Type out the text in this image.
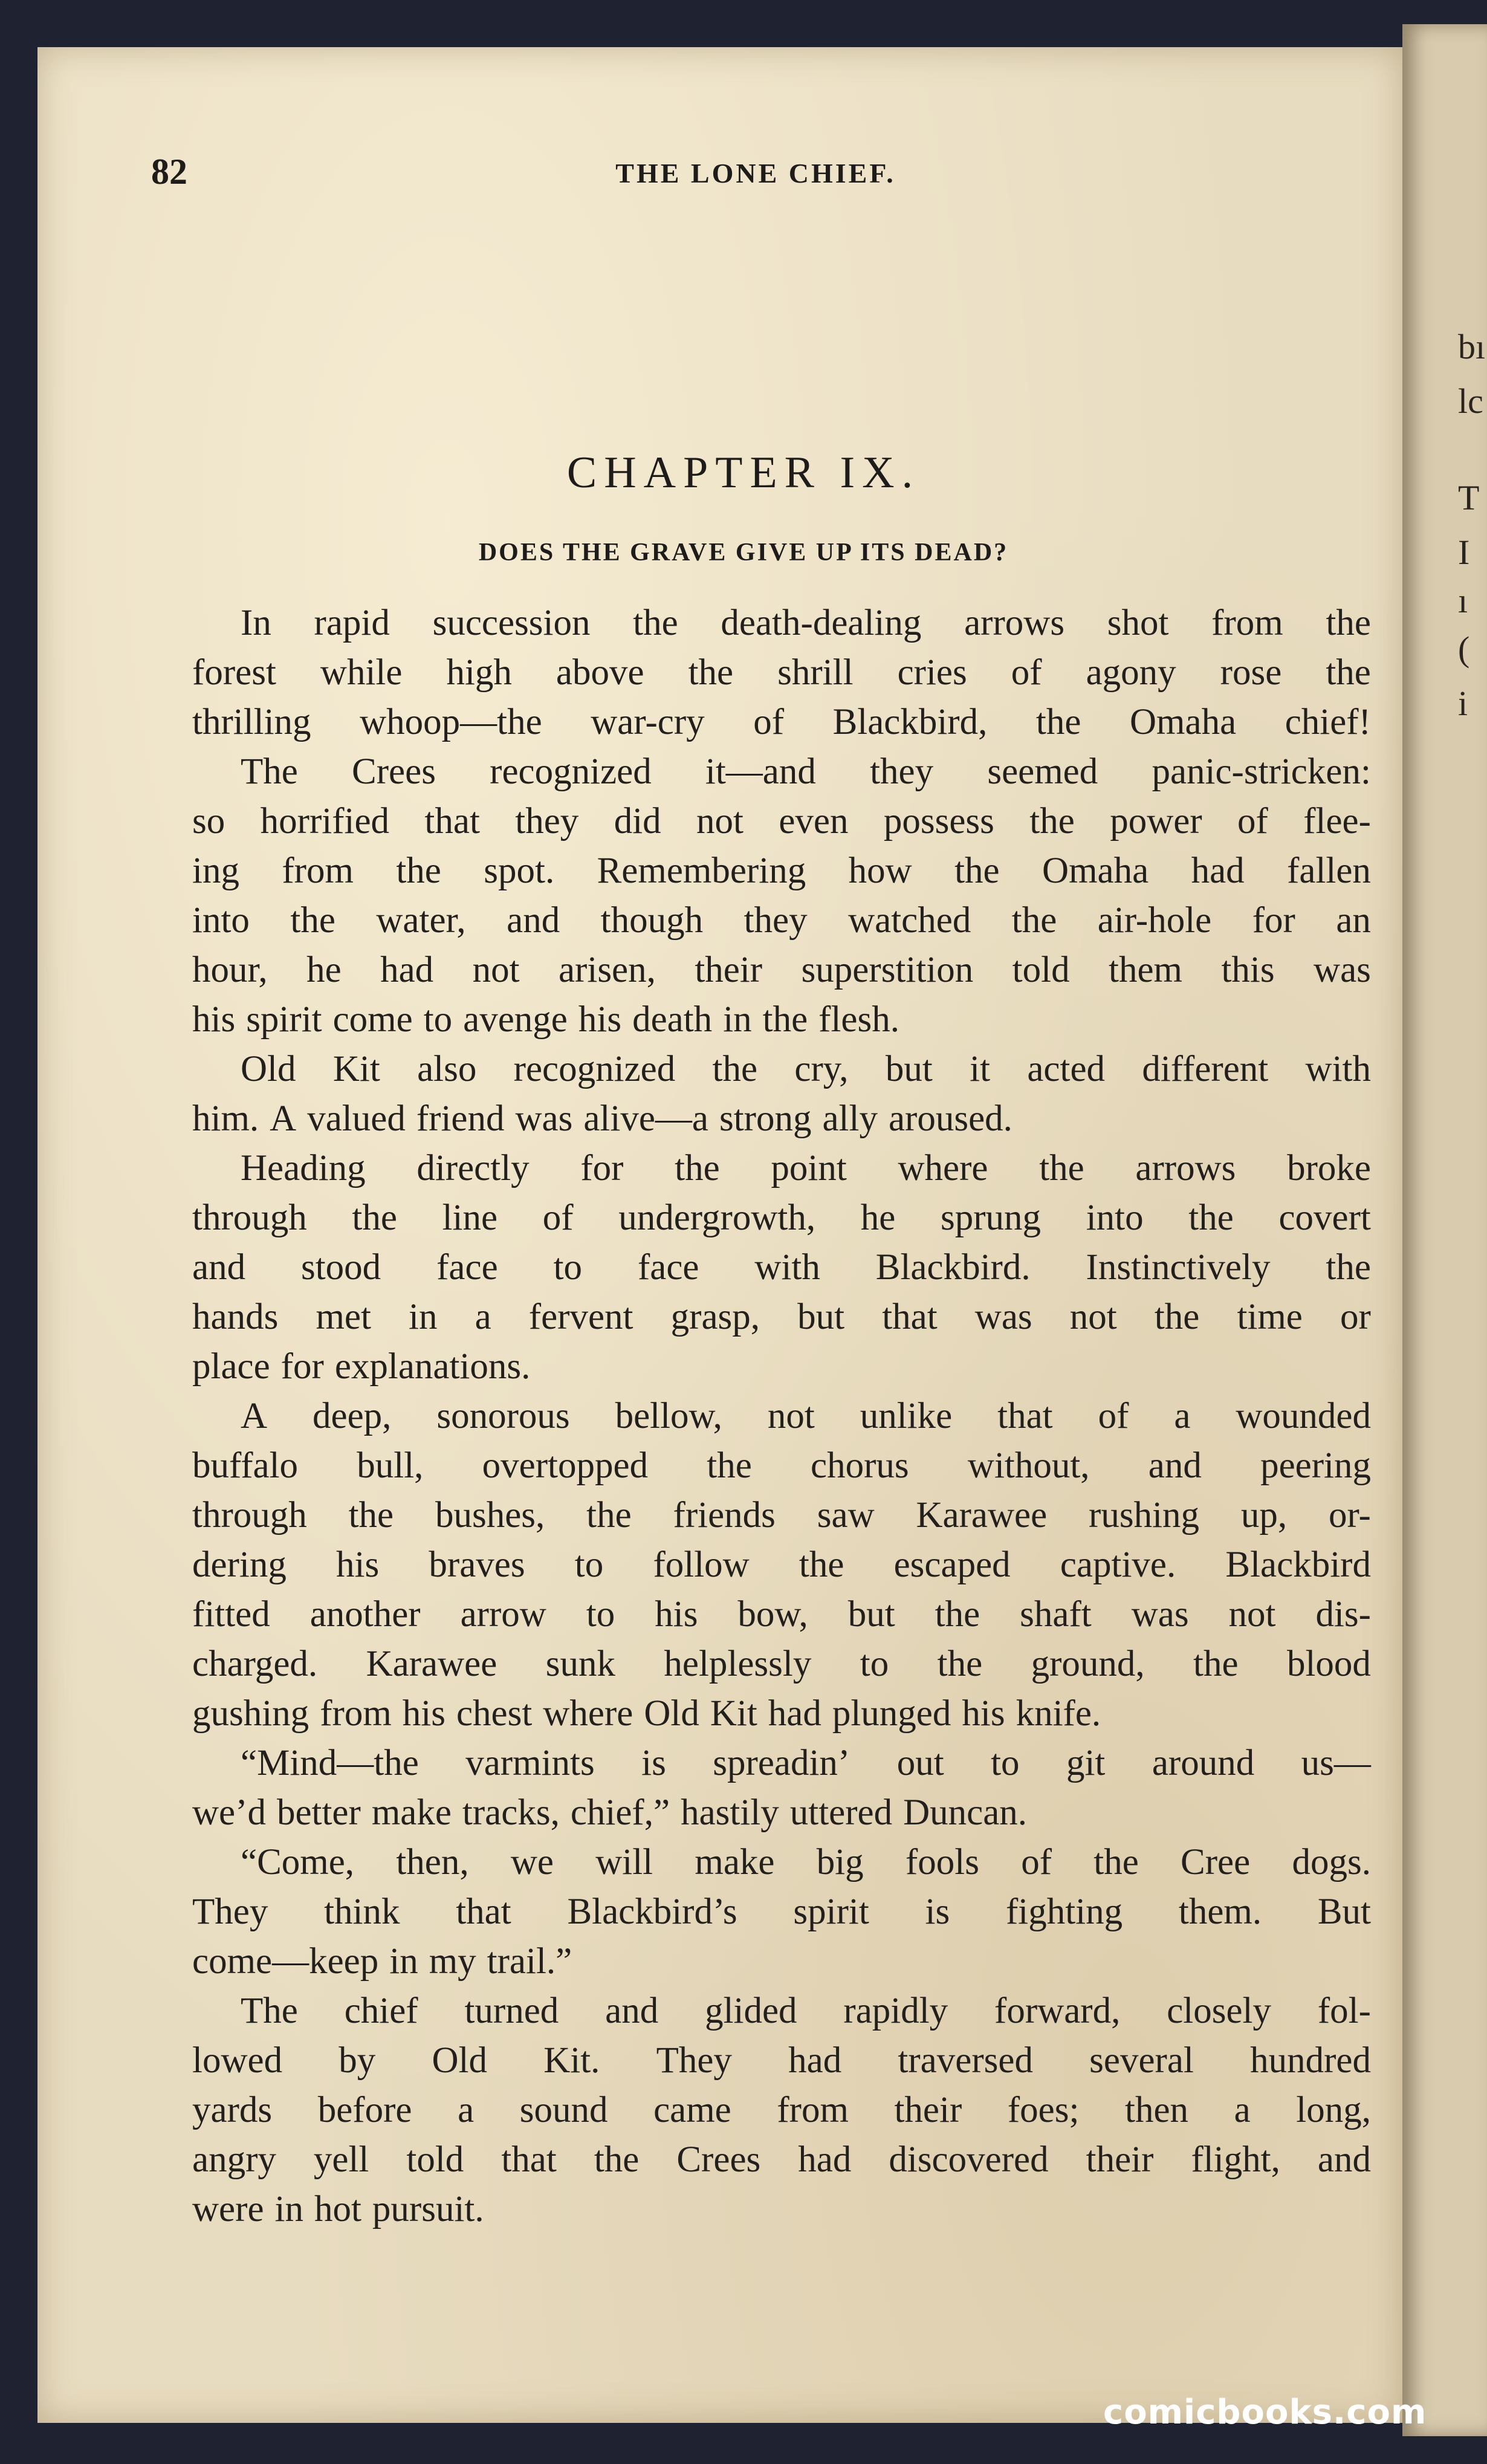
bı
lc
T
I
ı
(
i
82	THE LONE CHIEF.
CHAPTER IX.
DOES THE GRAVE GIVE UP ITS DEAD?
In rapid succession the death-dealing arrows shot from the
forest while high above the shrill cries of agony rose the
thrilling whoop—the war-cry of Blackbird, the Omaha chief!
The Crees recognized it—and they seemed panic-stricken:
so horrified that they did not even possess the power of flee-
ing from the spot. Remembering how the Omaha had fallen
into the water, and though they watched the air-hole for an
hour, he had not arisen, their superstition told them this was
his spirit come to avenge his death in the flesh.
Old Kit also recognized the cry, but it acted different with
him. A valued friend was alive—a strong ally aroused.
Heading directly for the point where the arrows broke
through the line of undergrowth, he sprung into the covert
and stood face to face with Blackbird. Instinctively the
hands met in a fervent grasp, but that was not the time or
place for explanations.
A deep, sonorous bellow, not unlike that of a wounded
buffalo bull, overtopped the chorus without, and peering
through the bushes, the friends saw Karawee rushing up, or-
dering his braves to follow the escaped captive. Blackbird
fitted another arrow to his bow, but the shaft was not dis-
charged. Karawee sunk helplessly to the ground, the blood
gushing from his chest where Old Kit had plunged his knife.
“Mind—the varmints is spreadin’ out to git around us—
we’d better make tracks, chief,” hastily uttered Duncan.
“Come, then, we will make big fools of the Cree dogs.
They think that Blackbird’s spirit is fighting them. But
come—keep in my trail.”
The chief turned and glided rapidly forward, closely fol-
lowed by Old Kit. They had traversed several hundred
yards before a sound came from their foes; then a long,
angry yell told that the Crees had discovered their flight, and
were in hot pursuit.
comicbooks.com
